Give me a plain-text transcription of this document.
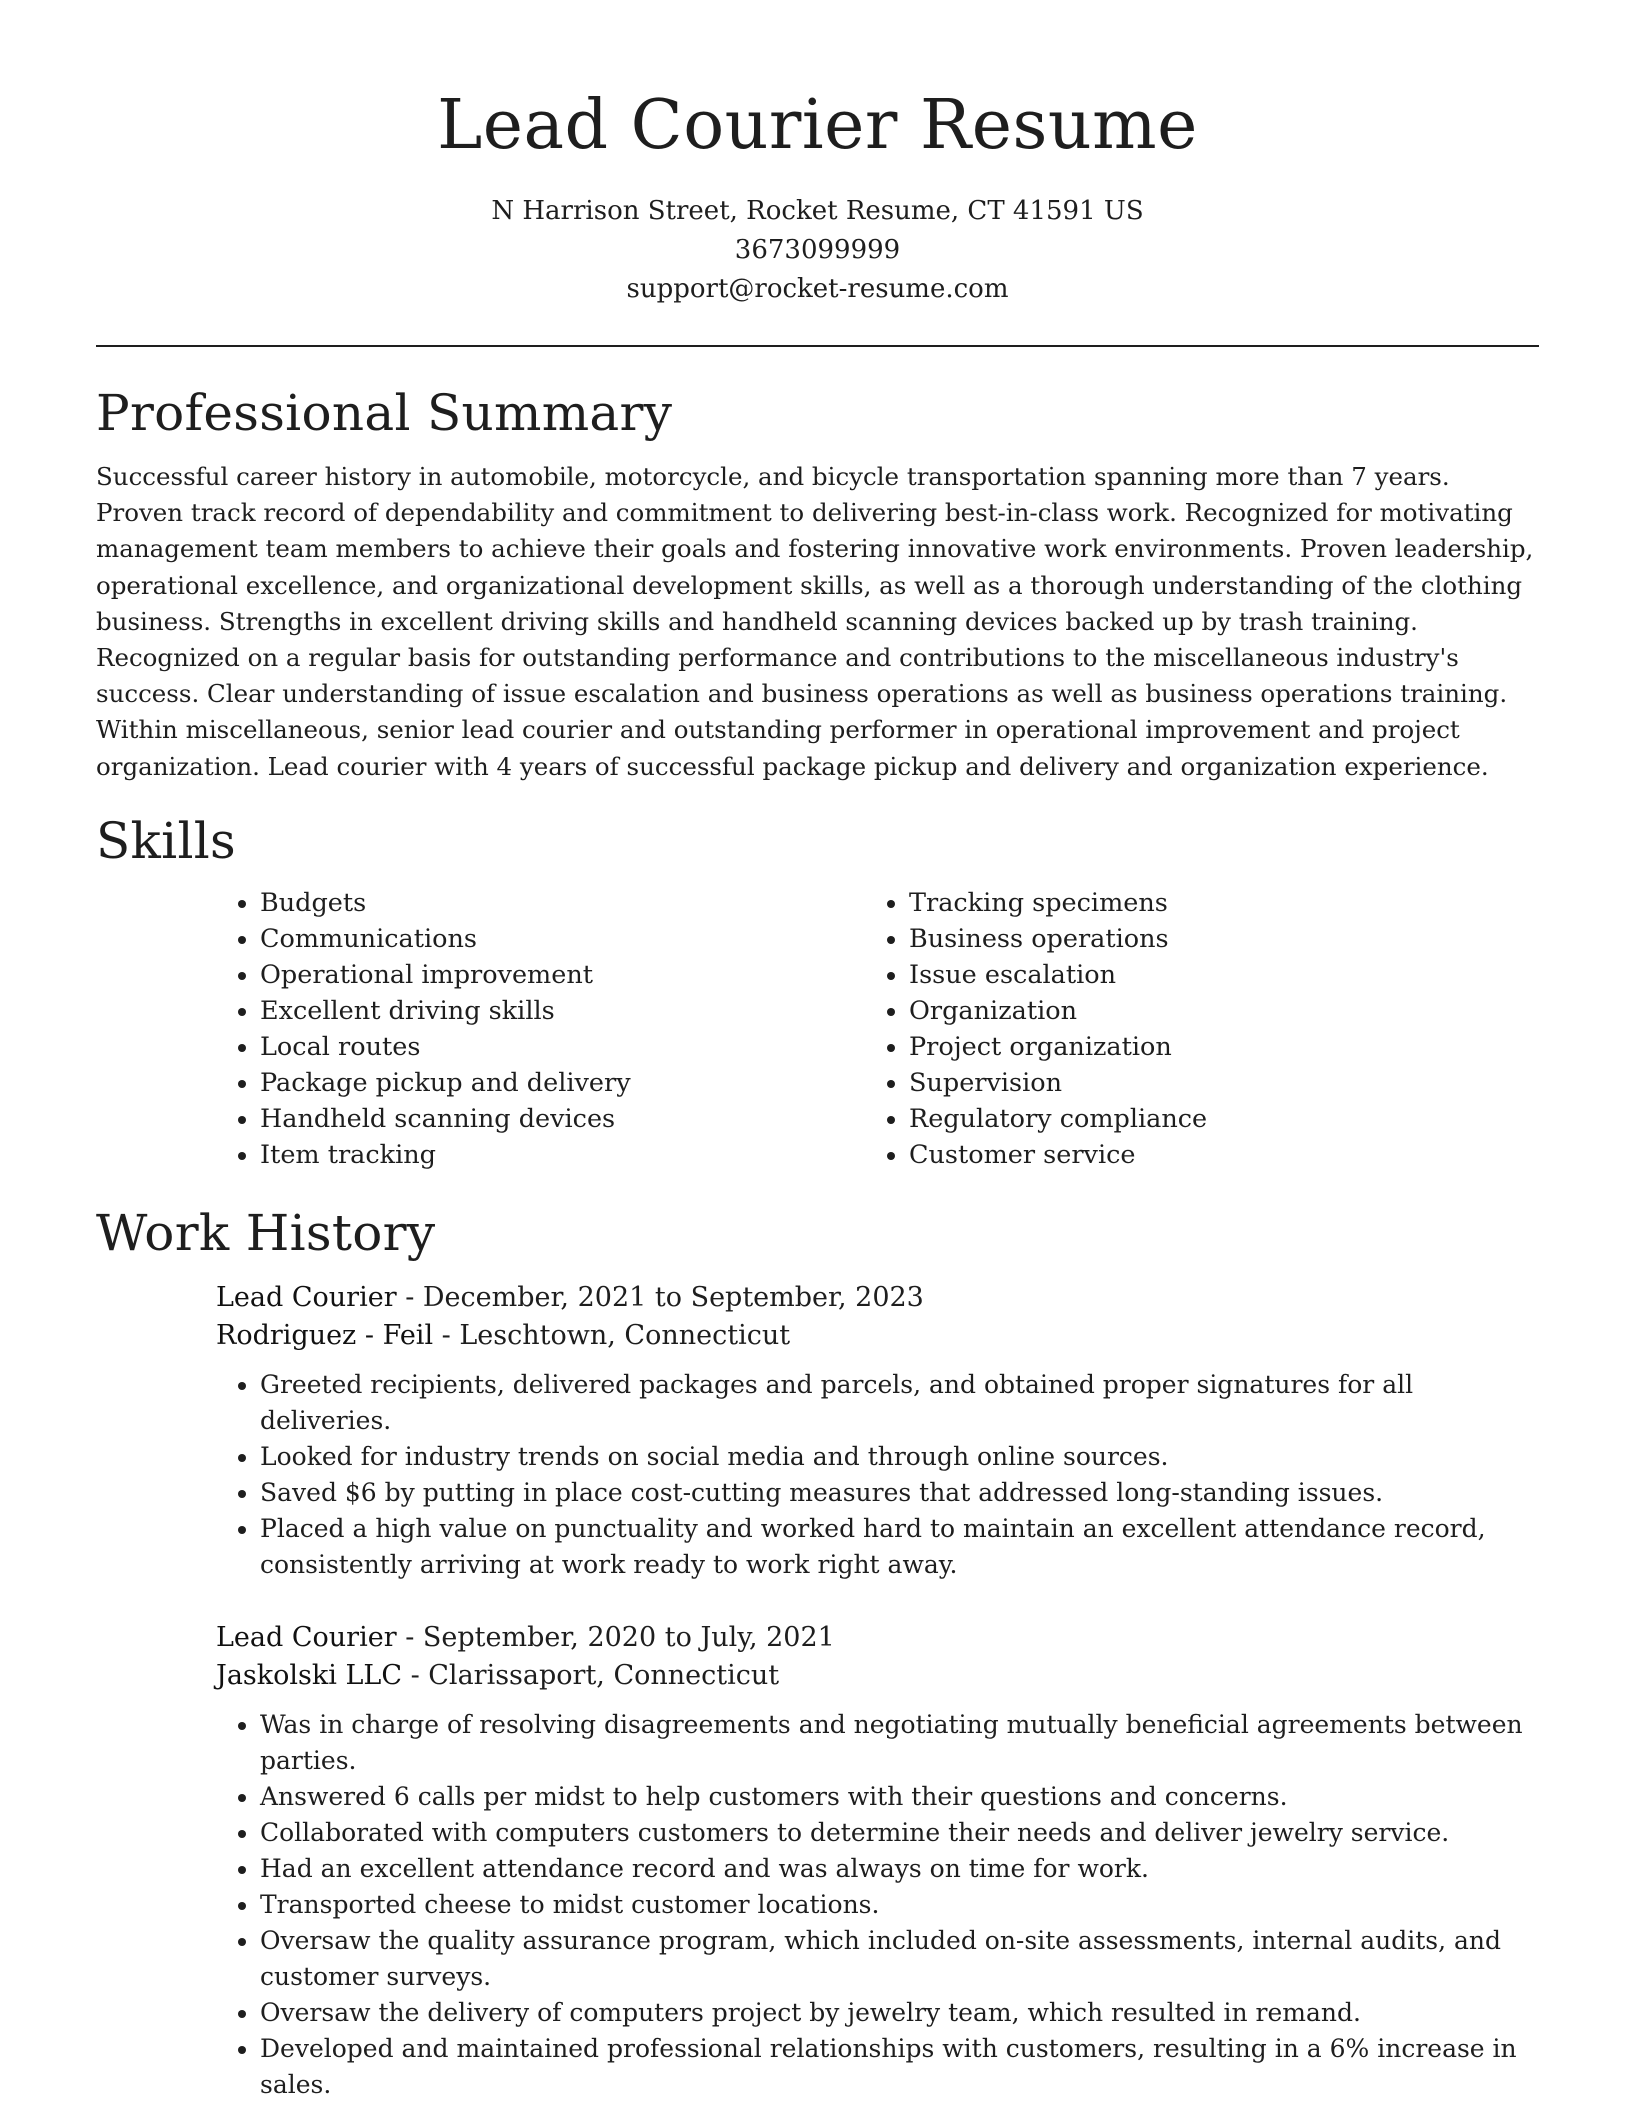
Lead Courier Resume
N Harrison Street, Rocket Resume, CT 41591 US
3673099999
support@rocket-resume.com
Professional Summary

Successful career history in automobile, motorcycle, and bicycle transportation spanning more than 7 years. Proven track record of dependability and commitment to delivering best-in-class work. Recognized for motivating management team members to achieve their goals and fostering innovative work environments. Proven leadership, operational excellence, and organizational development skills, as well as a thorough understanding of the clothing business. Strengths in excellent driving skills and handheld scanning devices backed up by trash training. Recognized on a regular basis for outstanding performance and contributions to the miscellaneous industry's success. Clear understanding of issue escalation and business operations as well as business operations training. Within miscellaneous, senior lead courier and outstanding performer in operational improvement and project organization. Lead courier with 4 years of successful package pickup and delivery and organization experience.

Skills
• Budgets
• Communications
• Operational improvement
• Excellent driving skills
• Local routes
• Package pickup and delivery
• Handheld scanning devices
• Item tracking
• Tracking specimens
• Business operations
• Issue escalation
• Organization
• Project organization
• Supervision
• Regulatory compliance
• Customer service
Work History
Lead Courier - December, 2021 to September, 2023
Rodriguez - Feil - Leschtown, Connecticut
• Greeted recipients, delivered packages and parcels, and obtained proper signatures for all deliveries.
• Looked for industry trends on social media and through online sources.
• Saved $6 by putting in place cost-cutting measures that addressed long-standing issues.
• Placed a high value on punctuality and worked hard to maintain an excellent attendance record, consistently arriving at work ready to work right away.
Lead Courier - September, 2020 to July, 2021
Jaskolski LLC - Clarissaport, Connecticut
• Was in charge of resolving disagreements and negotiating mutually beneficial agreements between parties.
• Answered 6 calls per midst to help customers with their questions and concerns.
• Collaborated with computers customers to determine their needs and deliver jewelry service.
• Had an excellent attendance record and was always on time for work.
• Transported cheese to midst customer locations.
• Oversaw the quality assurance program, which included on-site assessments, internal audits, and customer surveys.
• Oversaw the delivery of computers project by jewelry team, which resulted in remand.
• Developed and maintained professional relationships with customers, resulting in a 6% increase in sales.
